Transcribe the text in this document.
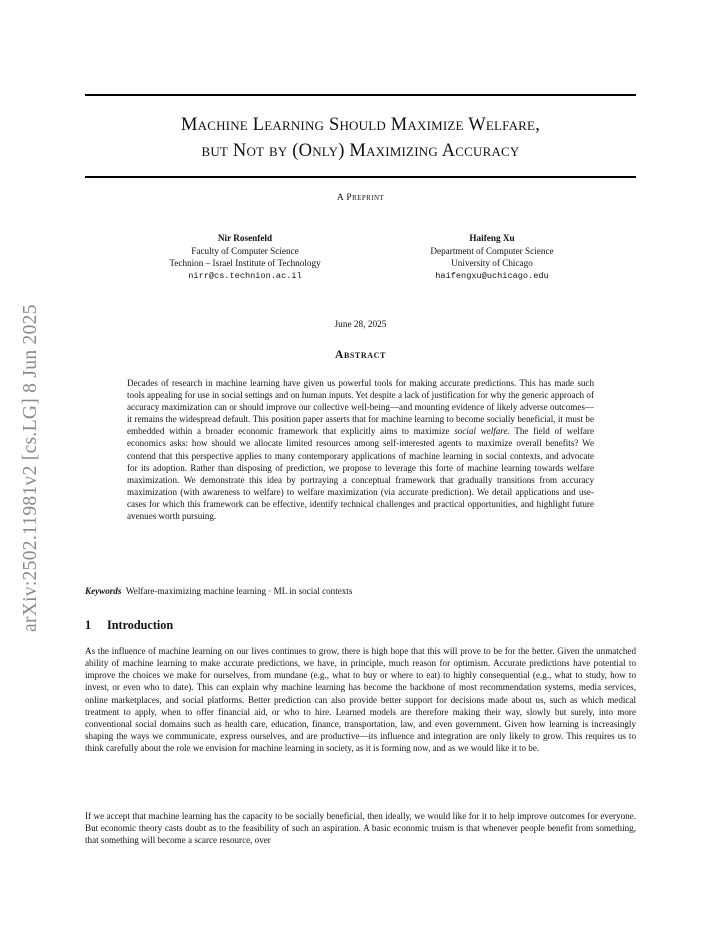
arXiv:2502.11981v2 [cs.LG] 8 Jun 2025
Machine Learning Should Maximize Welfare,
but Not by (Only) Maximizing Accuracy
A Preprint
Nir Rosenfeld
Faculty of Computer Science
Technion – Israel Institute of Technology
nirr@cs.technion.ac.il
Haifeng Xu
Department of Computer Science
University of Chicago
haifengxu@uchicago.edu
June 28, 2025
Abstract
Decades of research in machine learning have given us powerful tools for making accurate predictions. This has made such tools appealing for use in social settings and on human inputs. Yet despite a lack of justification for why the generic approach of accuracy maximization can or should improve our collective well-being—and mounting evidence of likely adverse outcomes—it remains the widespread default. This position paper asserts that for machine learning to become socially beneficial, it must be embedded within a broader economic framework that explicitly aims to maximize social welfare. The field of welfare economics asks: how should we allocate limited resources among self-interested agents to maximize overall benefits? We contend that this perspective applies to many contemporary applications of machine learning in social contexts, and advocate for its adoption. Rather than disposing of prediction, we propose to leverage this forte of machine learning towards welfare maximization. We demonstrate this idea by portraying a conceptual framework that gradually transitions from accuracy maximization (with awareness to welfare) to welfare maximization (via accurate prediction). We detail applications and use-cases for which this framework can be effective, identify technical challenges and practical opportunities, and highlight future avenues worth pursuing.
Keywords Welfare-maximizing machine learning · ML in social contexts
1 Introduction
As the influence of machine learning on our lives continues to grow, there is high hope that this will prove to be for the better. Given the unmatched ability of machine learning to make accurate predictions, we have, in principle, much reason for optimism. Accurate predictions have potential to improve the choices we make for ourselves, from mundane (e.g., what to buy or where to eat) to highly consequential (e.g., what to study, how to invest, or even who to date). This can explain why machine learning has become the backbone of most recommendation systems, media services, online marketplaces, and social platforms. Better prediction can also provide better support for decisions made about us, such as which medical treatment to apply, when to offer financial aid, or who to hire. Learned models are therefore making their way, slowly but surely, into more conventional social domains such as health care, education, finance, transportation, law, and even government. Given how learning is increasingly shaping the ways we communicate, express ourselves, and are productive—its influence and integration are only likely to grow. This requires us to think carefully about the role we envision for machine learning in society, as it is forming now, and as we would like it to be.
If we accept that machine learning has the capacity to be socially beneficial, then ideally, we would like for it to help improve outcomes for everyone. But economic theory casts doubt as to the feasibility of such an aspiration. A basic economic truism is that whenever people benefit from something, that something will become a scarce resource, over
